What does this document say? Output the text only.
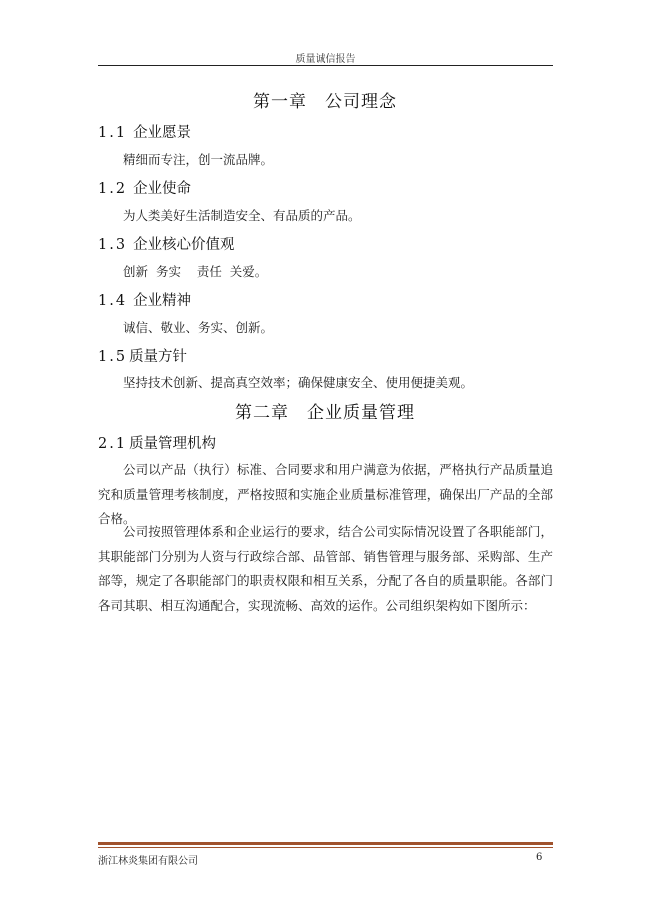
质量诚信报告
第一章 公司理念
1.1 企业愿景
精细而专注，创一流品牌。
1.2 企业使命
为人类美好生活制造安全、有品质的产品。
1.3 企业核心价值观
创新  务实    责任  关爱。
1.4 企业精神
诚信、敬业、务实、创新。
1.5 质量方针
坚持技术创新、提高真空效率；确保健康安全、使用便捷美观。
第二章 企业质量管理
2.1 质量管理机构

公司以产品（执行）标准、合同要求和用户满意为依据，严格执行产品质量追究和质量管理考核制度，严格按照和实施企业质量标准管理，确保出厂产品的全部合格。

公司按照管理体系和企业运行的要求，结合公司实际情况设置了各职能部门，其职能部门分别为人资与行政综合部、品管部、销售管理与服务部、采购部、生产部等，规定了各职能部门的职责权限和相互关系，分配了各自的质量职能。各部门各司其职、相互沟通配合，实现流畅、高效的运作。公司组织架构如下图所示：

浙江林炎集团有限公司	6
